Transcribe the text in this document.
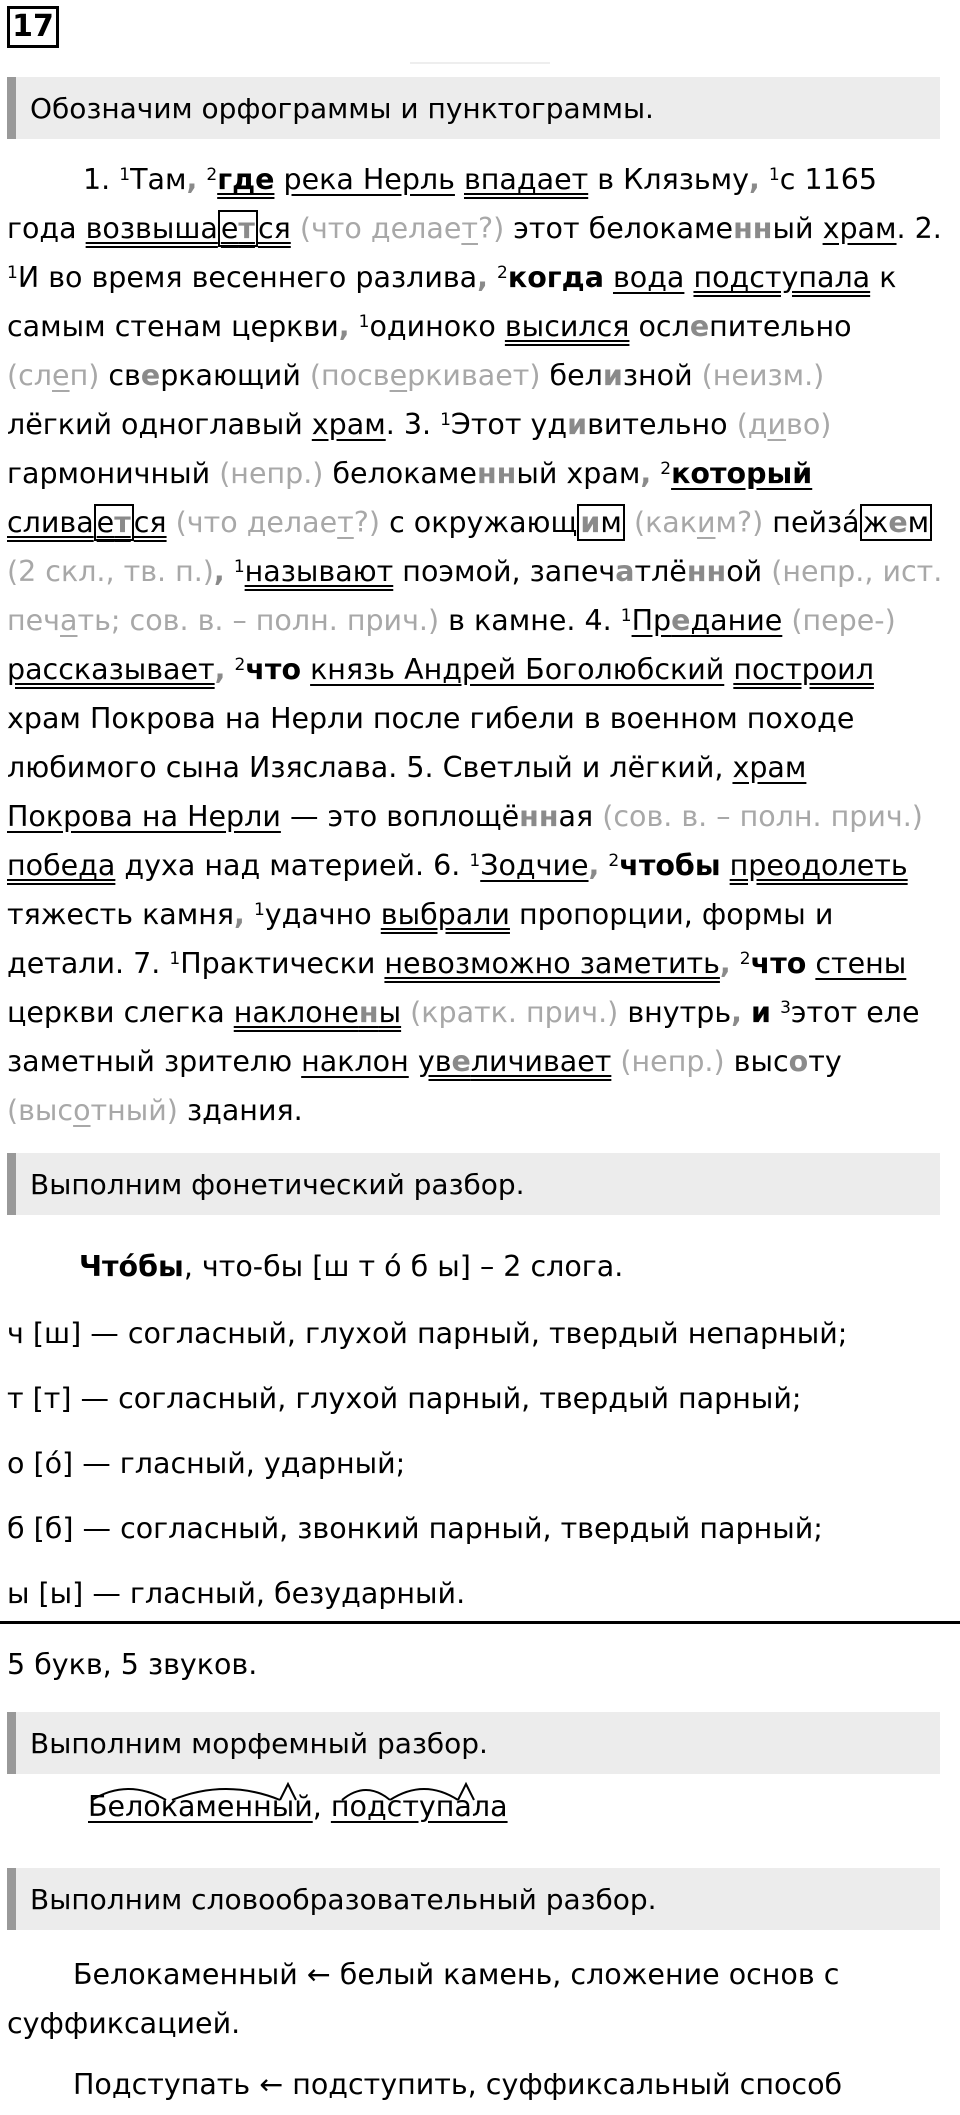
17
Обозначим орфограммы и пунктограммы.
1. $^1$Там, $^2$где река Нерль впадает в Клязьму, $^1$с 1165
года возвыша ет ся (что делает?) этот белокаменный храм. 2.
$^1$И во время весеннего разлива, $^2$когда вода подступала к
самым стенам церкви, $^1$одиноко высился ослепительно
(слеп) сверкающий (посверкивает) белизной (неизм.)
лёгкий одноглавый храм. 3. $^1$Этот удивительно (диво)
гармоничный (непр.) белокаменный храм, $^2$который
слива ет ся (что делает?) с окружающ им (каким?) пейза́ жем
(2 скл., тв. п.), $^1$называют поэмой, запечатлённой (непр., ист.
печать; сов. в. – полн. прич.) в камне. 4. $^1$Предание (пере-)
рассказывает, $^2$что князь Андрей Боголюбский построил
храм Покрова на Нерли после гибели в военном походе
любимого сына Изяслава. 5. Светлый и лёгкий, храм
Покрова на Нерли — это воплощённая (сов. в. – полн. прич.)
победа духа над материей. 6. $^1$Зодчие, $^2$чтобы преодолеть
тяжесть камня, $^1$удачно выбрали пропорции, формы и
детали. 7. $^1$Практически невозможно заметить, $^2$что стены
церкви слегка наклонены (кратк. прич.) внутрь, и $^3$этот еле
заметный зрителю наклон увеличивает (непр.) высоту
(высотный) здания.
Выполним фонетический разбор.
Что́бы, что-бы [ш т о́ б ы] – 2 слога.
ч [ш] — согласный, глухой парный, твердый непарный;
т [т] — согласный, глухой парный, твердый парный;
о [о́] — гласный, ударный;
б [б] — согласный, звонкий парный, твердый парный;
ы [ы] — гласный, безударный.
5 букв, 5 звуков.
Выполним морфемный разбор.
Белокаменный, подступала
Выполним словообразовательный разбор.
Белокаменный ← белый камень, сложение основ с
суффиксацией.
Подступать ← подступить, суффиксальный способ
